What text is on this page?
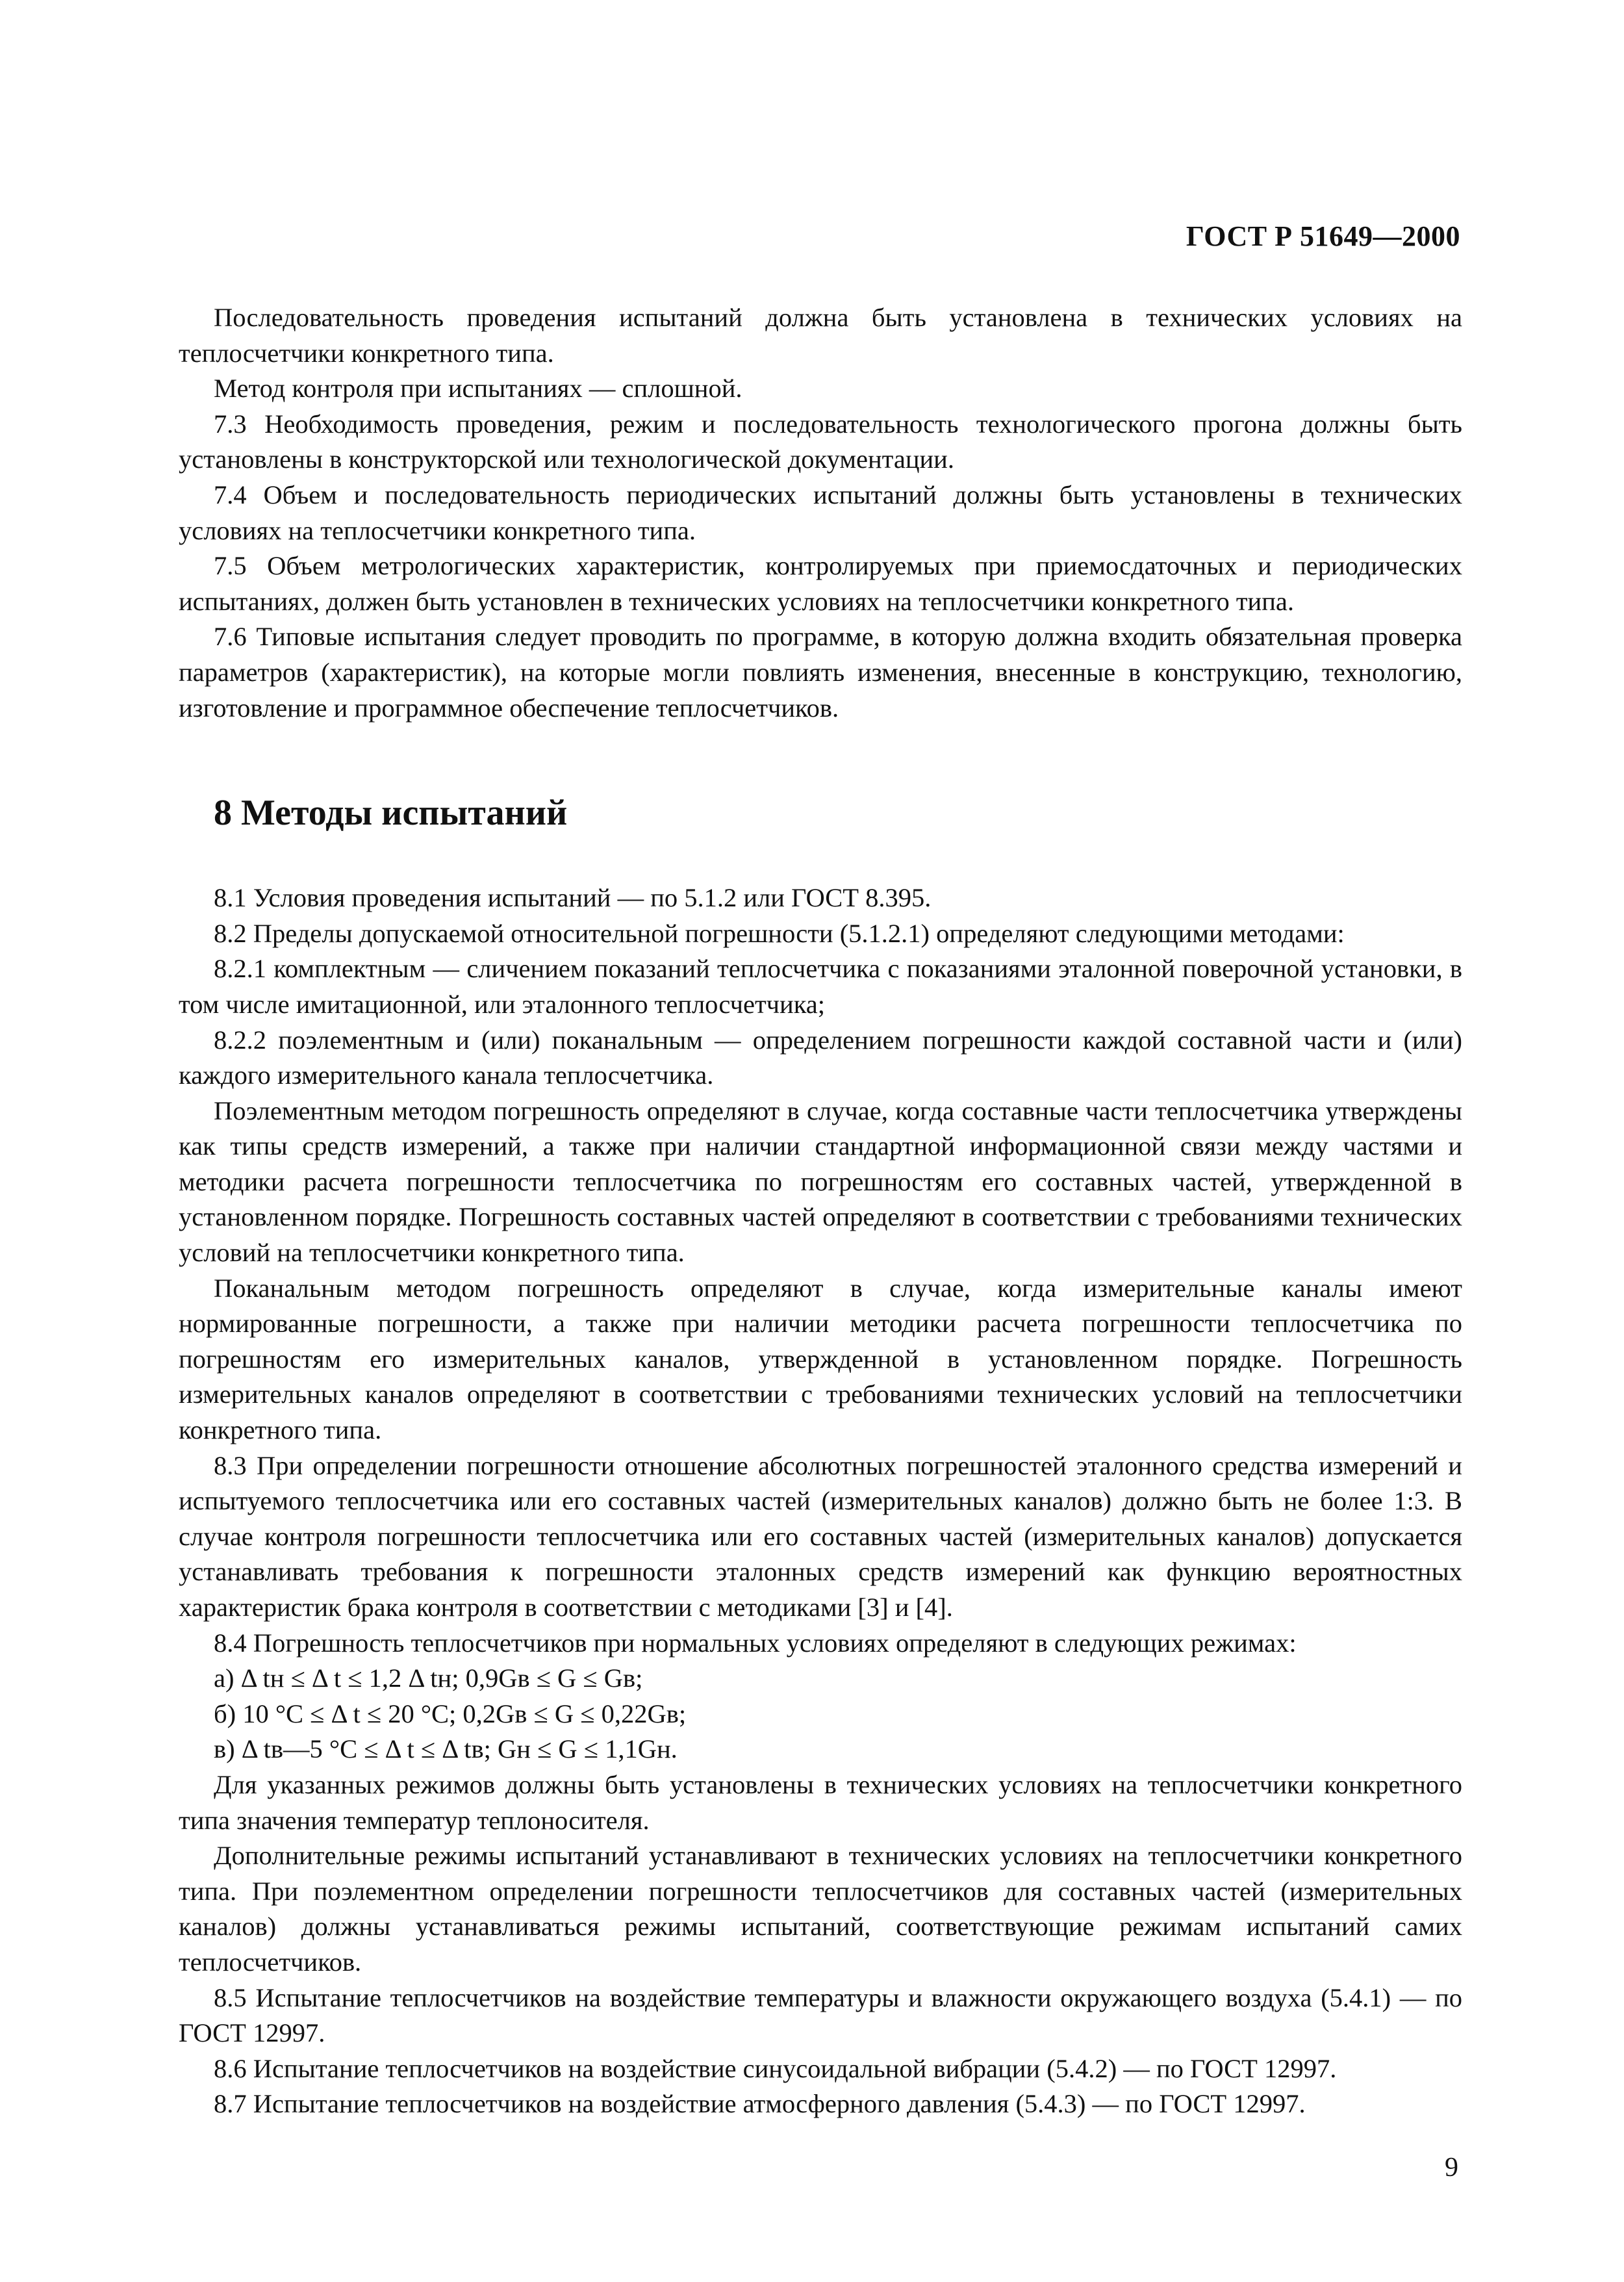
ГОСТ Р 51649—2000

Последовательность проведения испытаний должна быть установлена в технических условиях на теплосчетчики конкретного типа.

Метод контроля при испытаниях — сплошной.

7.3 Необходимость проведения, режим и последовательность технологического прогона должны быть установлены в конструкторской или технологической документации.

7.4 Объем и последовательность периодических испытаний должны быть установлены в технических условиях на теплосчетчики конкретного типа.

7.5 Объем метрологических характеристик, контролируемых при приемосдаточных и периодических испытаниях, должен быть установлен в технических условиях на теплосчетчики конкретного типа.

7.6 Типовые испытания следует проводить по программе, в которую должна входить обязательная проверка параметров (характеристик), на которые могли повлиять изменения, внесенные в конструкцию, технологию, изготовление и программное обеспечение теплосчетчиков.

8 Методы испытаний

8.1 Условия проведения испытаний — по 5.1.2 или ГОСТ 8.395.

8.2 Пределы допускаемой относительной погрешности (5.1.2.1) определяют следующими методами:

8.2.1 комплектным — сличением показаний теплосчетчика с показаниями эталонной поверочной установки, в том числе имитационной, или эталонного теплосчетчика;

8.2.2 поэлементным и (или) поканальным — определением погрешности каждой составной части и (или) каждого измерительного канала теплосчетчика.

Поэлементным методом погрешность определяют в случае, когда составные части теплосчетчика утверждены как типы средств измерений, а также при наличии стандартной информационной связи между частями и методики расчета погрешности теплосчетчика по погрешностям его составных частей, утвержденной в установленном порядке. Погрешность составных частей определяют в соответствии с требованиями технических условий на теплосчетчики конкретного типа.

Поканальным методом погрешность определяют в случае, когда измерительные каналы имеют нормированные погрешности, а также при наличии методики расчета погрешности теплосчетчика по погрешностям его измерительных каналов, утвержденной в установленном порядке. Погрешность измерительных каналов определяют в соответствии с требованиями технических условий на теплосчетчики конкретного типа.

8.3 При определении погрешности отношение абсолютных погрешностей эталонного средства измерений и испытуемого теплосчетчика или его составных частей (измерительных каналов) должно быть не более 1:3. В случае контроля погрешности теплосчетчика или его составных частей (измерительных каналов) допускается устанавливать требования к погрешности эталонных средств измерений как функцию вероятностных характеристик брака контроля в соответствии с методиками [3] и [4].

8.4 Погрешность теплосчетчиков при нормальных условиях определяют в следующих режимах:

а) Δ tн ≤ Δ t ≤ 1,2 Δ tн; 0,9Gв ≤ G ≤ Gв;

б) 10 °С ≤ Δ t ≤ 20 °С; 0,2Gв ≤ G ≤ 0,22Gв;

в) Δ tв—5 °С ≤ Δ t ≤ Δ tв; Gн ≤ G ≤ 1,1Gн.

Для указанных режимов должны быть установлены в технических условиях на теплосчетчики конкретного типа значения температур теплоносителя.

Дополнительные режимы испытаний устанавливают в технических условиях на теплосчетчики конкретного типа. При поэлементном определении погрешности теплосчетчиков для составных частей (измерительных каналов) должны устанавливаться режимы испытаний, соответствующие режимам испытаний самих теплосчетчиков.

8.5 Испытание теплосчетчиков на воздействие температуры и влажности окружающего воздуха (5.4.1) — по ГОСТ 12997.

8.6 Испытание теплосчетчиков на воздействие синусоидальной вибрации (5.4.2) — по ГОСТ 12997.

8.7 Испытание теплосчетчиков на воздействие атмосферного давления (5.4.3) — по ГОСТ 12997.

9
